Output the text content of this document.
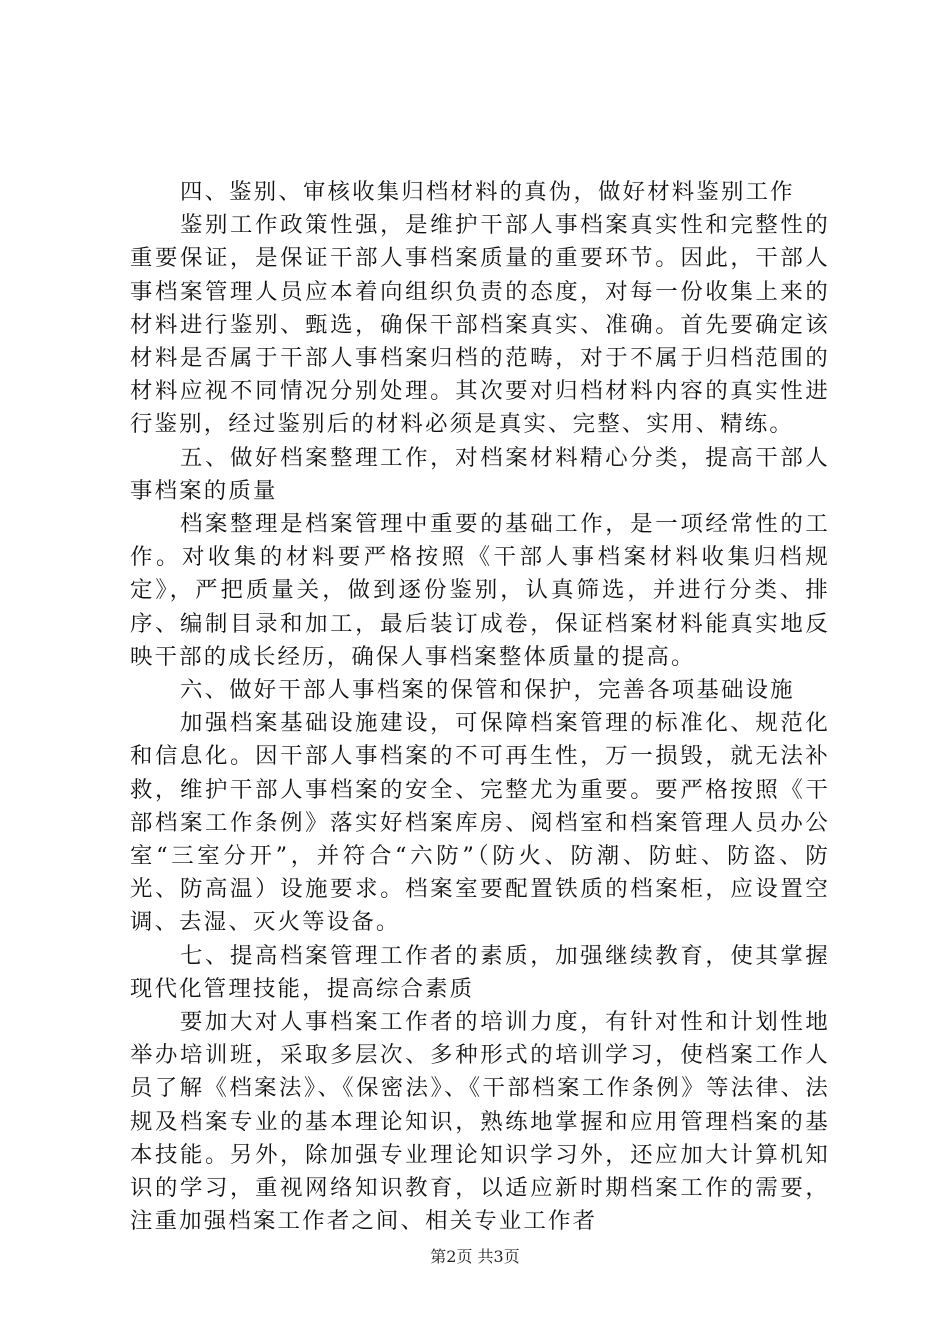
四、鉴别、审核收集归档材料的真伪，做好材料鉴别工作

鉴别工作政策性强，是维护干部人事档案真实性和完整性的重要保证，是保证干部人事档案质量的重要环节。因此，干部人事档案管理人员应本着向组织负责的态度，对每一份收集上来的材料进行鉴别、甄选，确保干部档案真实、准确。首先要确定该材料是否属于干部人事档案归档的范畴，对于不属于归档范围的材料应视不同情况分别处理。其次要对归档材料内容的真实性进行鉴别，经过鉴别后的材料必须是真实、完整、实用、精练。

五、做好档案整理工作，对档案材料精心分类，提高干部人事档案的质量

档案整理是档案管理中重要的基础工作，是一项经常性的工作。对收集的材料要严格按照《干部人事档案材料收集归档规定》，严把质量关，做到逐份鉴别，认真筛选，并进行分类、排序、编制目录和加工，最后装订成卷，保证档案材料能真实地反映干部的成长经历，确保人事档案整体质量的提高。

六、做好干部人事档案的保管和保护，完善各项基础设施

加强档案基础设施建设，可保障档案管理的标准化、规范化和信息化。因干部人事档案的不可再生性，万一损毁，就无法补救，维护干部人事档案的安全、完整尤为重要。要严格按照《干部档案工作条例》落实好档案库房、阅档室和档案管理人员办公室“三室分开”，并符合“六防”（防火、防潮、防蛀、防盗、防光、防高温）设施要求。档案室要配置铁质的档案柜，应设置空调、去湿、灭火等设备。

七、提高档案管理工作者的素质，加强继续教育，使其掌握现代化管理技能，提高综合素质

要加大对人事档案工作者的培训力度，有针对性和计划性地举办培训班，采取多层次、多种形式的培训学习，使档案工作人员了解《档案法》、《保密法》、《干部档案工作条例》等法律、法规及档案专业的基本理论知识，熟练地掌握和应用管理档案的基本技能。另外，除加强专业理论知识学习外，还应加大计算机知识的学习，重视网络知识教育，以适应新时期档案工作的需要，注重加强档案工作者之间、相关专业工作者

第2页 共3页
